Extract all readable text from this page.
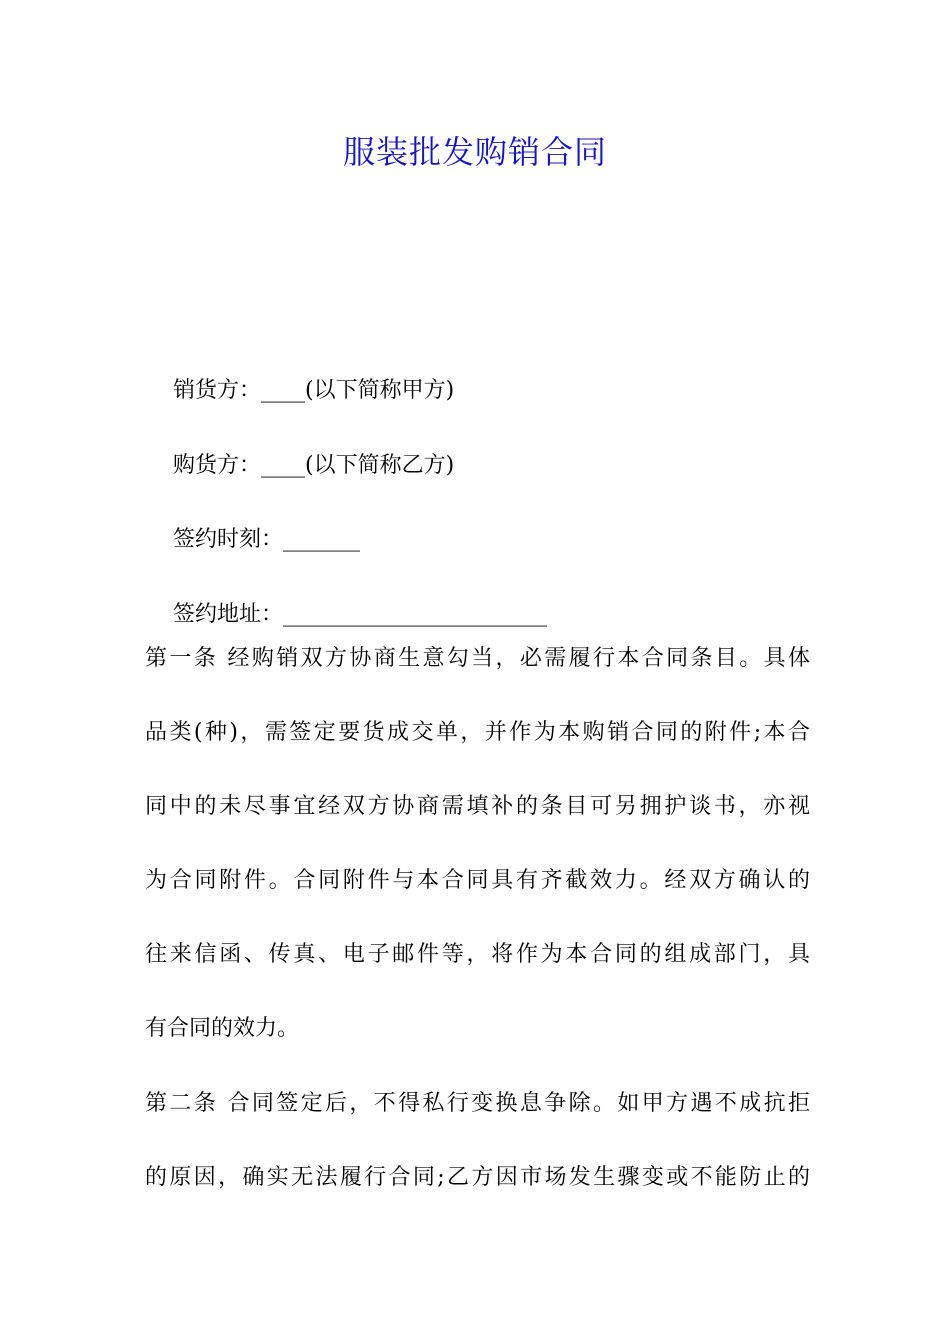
服装批发购销合同

销货方：____(以下简称甲方)

购货方：____(以下简称乙方)

签约时刻：_______

签约地址：________________________

第一条 经购销双方协商生意勾当，必需履行本合同条目。具体
品类(种)，需签定要货成交单，并作为本购销合同的附件;本合
同中的未尽事宜经双方协商需填补的条目可另拥护谈书，亦视
为合同附件。合同附件与本合同具有齐截效力。经双方确认的
往来信函、传真、电子邮件等，将作为本合同的组成部门，具
有合同的效力。
第二条 合同签定后，不得私行变换息争除。如甲方遇不成抗拒
的原因，确实无法履行合同;乙方因市场发生骤变或不能防止的
